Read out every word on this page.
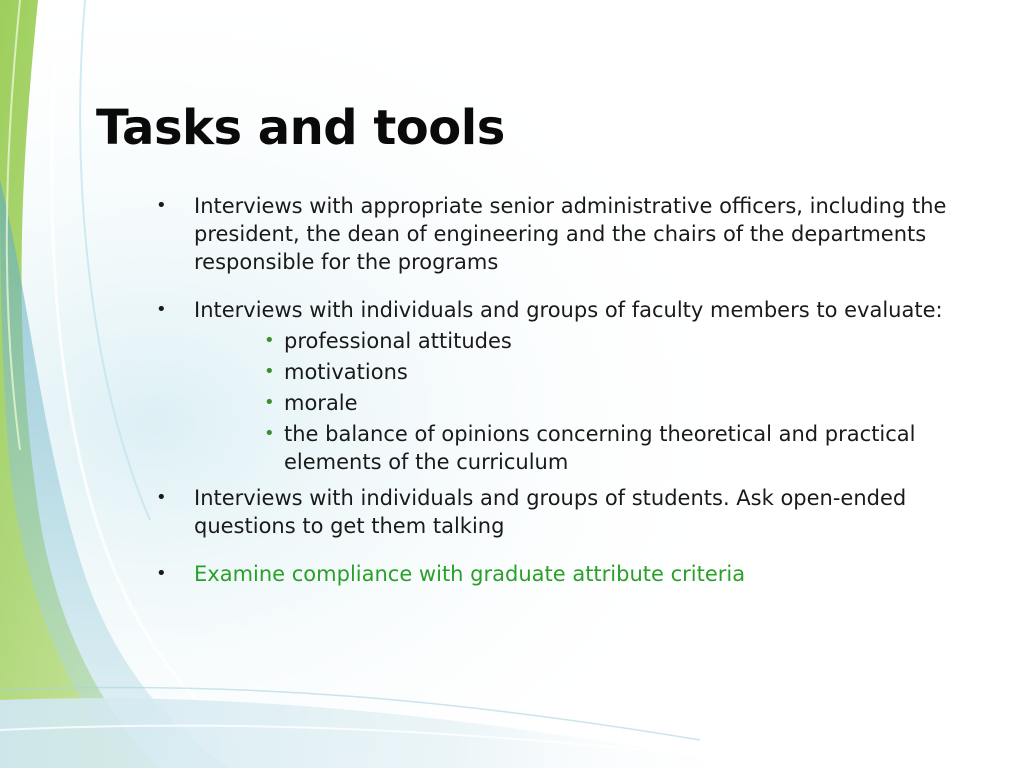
Tasks and tools
•	Interviews with appropriate senior administrative officers, including the president, the dean of engineering and the chairs of the departments responsible for the programs
•	Interviews with individuals and groups of faculty members to evaluate:
• professional attitudes
• motivations
• morale
• the balance of opinions concerning theoretical and practical elements of the curriculum
•	Interviews with individuals and groups of students. Ask open-ended questions to get them talking
•	Examine compliance with graduate attribute criteria
